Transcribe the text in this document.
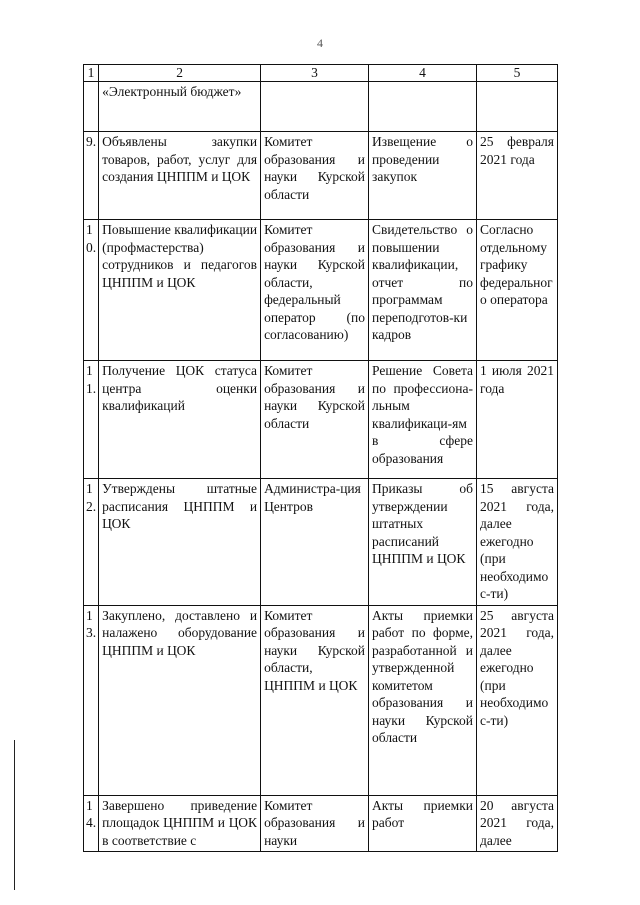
4
1	2	3	4	5
	«Электронный бюджет»			
9.	Объявлены закупки товаров, работ, услуг для создания ЦНППМ и ЦОК	Комитет образования и науки Курской области	Извещение о проведении закупок	25 февраля 2021 года
10.	Повышение квалификации (профмастерства) сотрудников и педагогов ЦНППМ и ЦОК	Комитет образования и науки Курской области, федеральный оператор (по согласованию)	Свидетельство о повышении квалификации, отчет по программам переподготов-ки кадров	Согласно отдельному графику федерального оператора
11.	Получение ЦОК статуса центра оценки квалификаций	Комитет образования и науки Курской области	Решение Совета по профессиона-льным квалификаци-ям в сфере образования	1 июля 2021 года
12.	Утверждены штатные расписания ЦНППМ и ЦОК	Администра-ция Центров	Приказы об утверждении штатных расписаний ЦНППМ и ЦОК	15 августа 2021 года, далее ежегодно (при необходимос-ти)
13.	Закуплено, доставлено и налажено оборудование ЦНППМ и ЦОК	Комитет образования и науки Курской области, ЦНППМ и ЦОК	Акты приемки работ по форме, разработанной и утвержденной комитетом образования и науки Курской области	25 августа 2021 года, далее ежегодно (при необходимос-ти)
14.	Завершено приведение площадок ЦНППМ и ЦОК в соответствие с	Комитет образования и науки	Акты приемки работ	20 августа 2021 года, далее
